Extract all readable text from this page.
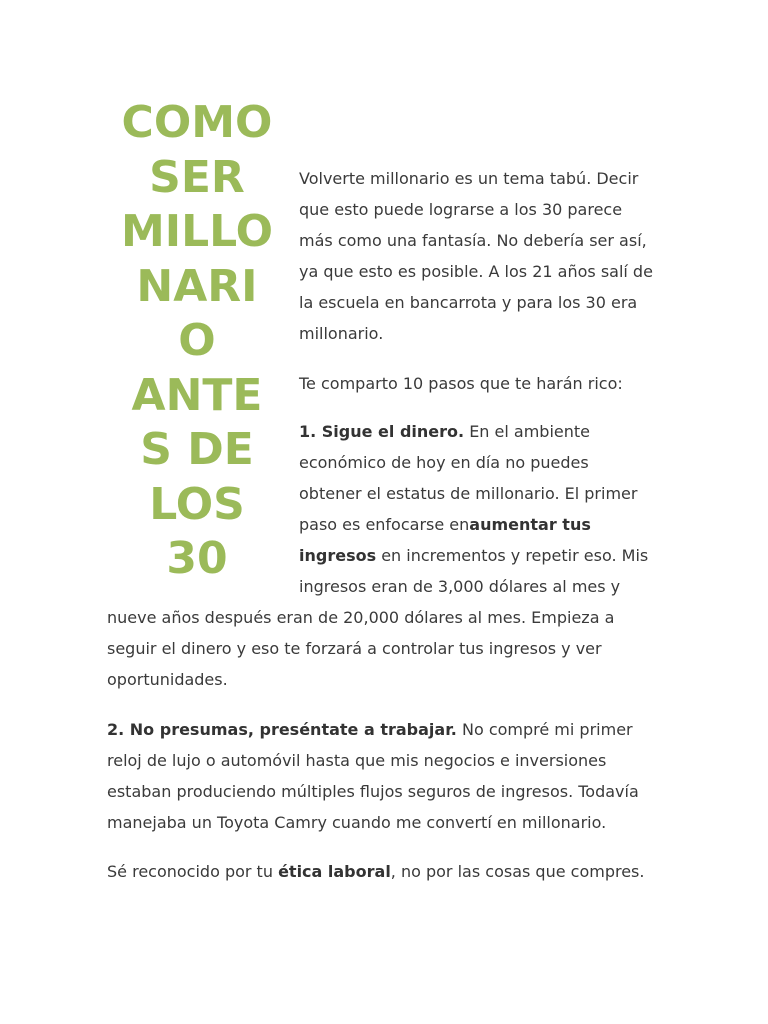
COMO
SER
MILLO
NARI
O
ANTE
S DE
LOS
30
Volverte millonario es un tema tabú. Decir
que esto puede lograrse a los 30 parece
más como una fantasía. No debería ser así,
ya que esto es posible. A los 21 años salí de
la escuela en bancarrota y para los 30 era
millonario.
Te comparto 10 pasos que te harán rico:
1. Sigue el dinero. En el ambiente
económico de hoy en día no puedes
obtener el estatus de millonario. El primer
paso es enfocarse enaumentar tus
ingresos en incrementos y repetir eso. Mis
ingresos eran de 3,000 dólares al mes y
nueve años después eran de 20,000 dólares al mes. Empieza a
seguir el dinero y eso te forzará a controlar tus ingresos y ver
oportunidades.
2. No presumas, preséntate a trabajar. No compré mi primer
reloj de lujo o automóvil hasta que mis negocios e inversiones
estaban produciendo múltiples flujos seguros de ingresos. Todavía
manejaba un Toyota Camry cuando me convertí en millonario.
Sé reconocido por tu ética laboral, no por las cosas que compres.
